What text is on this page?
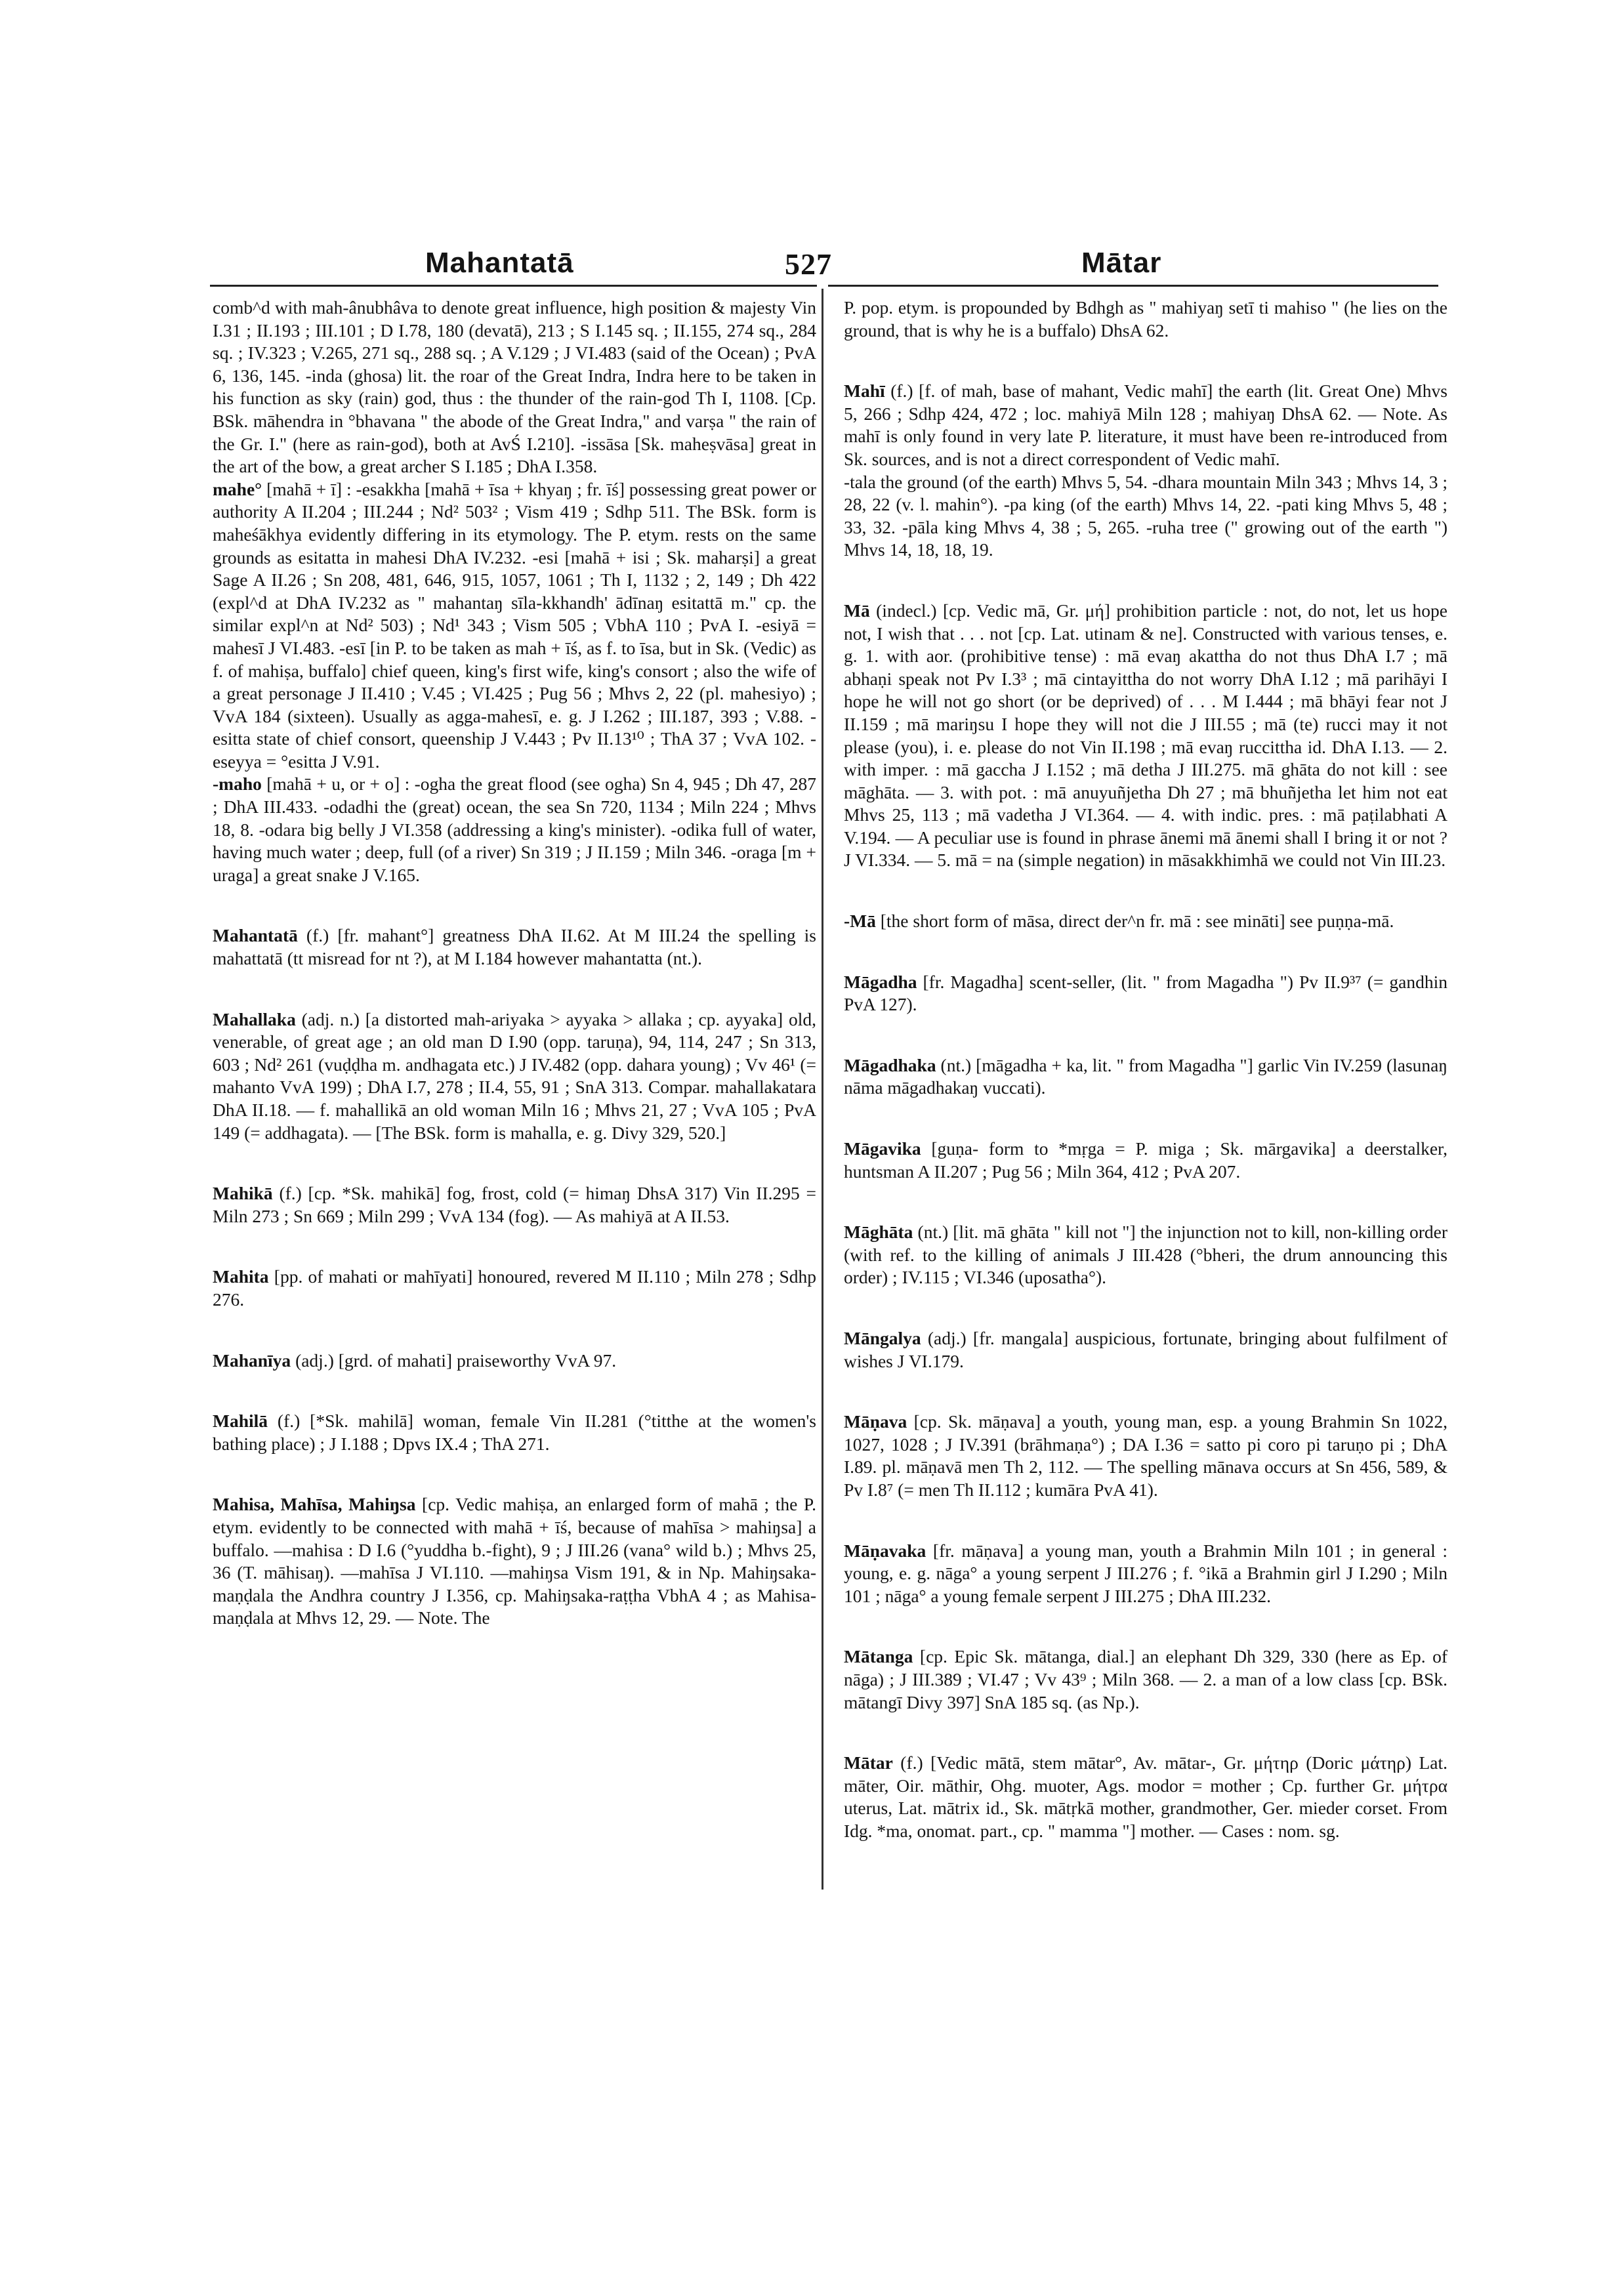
Mahantatā	527	Mātar

comb^d with mah-ânubhâva to denote great influence, high position & majesty Vin I.31 ; II.193 ; III.101 ; D I.78, 180 (devatā), 213 ; S I.145 sq. ; II.155, 274 sq., 284 sq. ; IV.323 ; V.265, 271 sq., 288 sq. ; A V.129 ; J VI.483 (said of the Ocean) ; PvA 6, 136, 145. -inda (ghosa) lit. the roar of the Great Indra, Indra here to be taken in his function as sky (rain) god, thus : the thunder of the rain-god Th I, 1108. [Cp. BSk. māhendra in °bhavana " the abode of the Great Indra," and varṣa " the rain of the Gr. I." (here as rain-god), both at AvŚ I.210]. -issāsa [Sk. maheṣvāsa] great in the art of the bow, a great archer S I.185 ; DhA I.358.

mahe° [mahā + ī] : -esakkha [mahā + īsa + khyaŋ ; fr. īś] possessing great power or authority A II.204 ; III.244 ; Nd² 503² ; Vism 419 ; Sdhp 511. The BSk. form is maheśākhya evidently differing in its etymology. The P. etym. rests on the same grounds as esitatta in mahesi DhA IV.232. -esi [mahā + isi ; Sk. maharṣi] a great Sage A II.26 ; Sn 208, 481, 646, 915, 1057, 1061 ; Th I, 1132 ; 2, 149 ; Dh 422 (expl^d at DhA IV.232 as " mahantaŋ sīla-kkhandh' ādīnaŋ esitattā m." cp. the similar expl^n at Nd² 503) ; Nd¹ 343 ; Vism 505 ; VbhA 110 ; PvA I. -esiyā = mahesī J VI.483. -esī [in P. to be taken as mah + īś, as f. to īsa, but in Sk. (Vedic) as f. of mahiṣa, buffalo] chief queen, king's first wife, king's consort ; also the wife of a great personage J II.410 ; V.45 ; VI.425 ; Pug 56 ; Mhvs 2, 22 (pl. mahesiyo) ; VvA 184 (sixteen). Usually as agga-mahesī, e. g. J I.262 ; III.187, 393 ; V.88. -esitta state of chief consort, queenship J V.443 ; Pv II.13¹⁰ ; ThA 37 ; VvA 102. -eseyya = °esitta J V.91.

-maho [mahā + u, or + o] : -ogha the great flood (see ogha) Sn 4, 945 ; Dh 47, 287 ; DhA III.433. -odadhi the (great) ocean, the sea Sn 720, 1134 ; Miln 224 ; Mhvs 18, 8. -odara big belly J VI.358 (addressing a king's minister). -odika full of water, having much water ; deep, full (of a river) Sn 319 ; J II.159 ; Miln 346. -oraga [m + uraga] a great snake J V.165.

Mahantatā (f.) [fr. mahant°] greatness DhA II.62. At M III.24 the spelling is mahattatā (tt misread for nt ?), at M I.184 however mahantatta (nt.).

Mahallaka (adj. n.) [a distorted mah-ariyaka > ayyaka > allaka ; cp. ayyaka] old, venerable, of great age ; an old man D I.90 (opp. taruṇa), 94, 114, 247 ; Sn 313, 603 ; Nd² 261 (vuḍḍha m. andhagata etc.) J IV.482 (opp. dahara young) ; Vv 46¹ (= mahanto VvA 199) ; DhA I.7, 278 ; II.4, 55, 91 ; SnA 313. Compar. mahallakatara DhA II.18. — f. mahallikā an old woman Miln 16 ; Mhvs 21, 27 ; VvA 105 ; PvA 149 (= addhagata). — [The BSk. form is mahalla, e. g. Divy 329, 520.]

Mahikā (f.) [cp. *Sk. mahikā] fog, frost, cold (= himaŋ DhsA 317) Vin II.295 = Miln 273 ; Sn 669 ; Miln 299 ; VvA 134 (fog). — As mahiyā at A II.53.

Mahita [pp. of mahati or mahīyati] honoured, revered M II.110 ; Miln 278 ; Sdhp 276.

Mahanīya (adj.) [grd. of mahati] praiseworthy VvA 97.

Mahilā (f.) [*Sk. mahilā] woman, female Vin II.281 (°titthe at the women's bathing place) ; J I.188 ; Dpvs IX.4 ; ThA 271.

Mahisa, Mahīsa, Mahiŋsa [cp. Vedic mahiṣa, an enlarged form of mahā ; the P. etym. evidently to be connected with mahā + īś, because of mahīsa > mahiŋsa] a buffalo. —mahisa : D I.6 (°yuddha b.-fight), 9 ; J III.26 (vana° wild b.) ; Mhvs 25, 36 (T. māhisaŋ). —mahīsa J VI.110. —mahiŋsa Vism 191, & in Np. Mahiŋsaka-maṇḍala the Andhra country J I.356, cp. Mahiŋsaka-raṭṭha VbhA 4 ; as Mahisa-maṇḍala at Mhvs 12, 29. — Note. The

P. pop. etym. is propounded by Bdhgh as " mahiyaŋ setī ti mahiso " (he lies on the ground, that is why he is a buffalo) DhsA 62.

Mahī (f.) [f. of mah, base of mahant, Vedic mahī] the earth (lit. Great One) Mhvs 5, 266 ; Sdhp 424, 472 ; loc. mahiyā Miln 128 ; mahiyaŋ DhsA 62. — Note. As mahī is only found in very late P. literature, it must have been re-introduced from Sk. sources, and is not a direct correspondent of Vedic mahī.

-tala the ground (of the earth) Mhvs 5, 54. -dhara mountain Miln 343 ; Mhvs 14, 3 ; 28, 22 (v. l. mahin°). -pa king (of the earth) Mhvs 14, 22. -pati king Mhvs 5, 48 ; 33, 32. -pāla king Mhvs 4, 38 ; 5, 265. -ruha tree (" growing out of the earth ") Mhvs 14, 18, 18, 19.

Mā (indecl.) [cp. Vedic mā, Gr. μή] prohibition particle : not, do not, let us hope not, I wish that . . . not [cp. Lat. utinam & ne]. Constructed with various tenses, e. g. 1. with aor. (prohibitive tense) : mā evaŋ akattha do not thus DhA I.7 ; mā abhaṇi speak not Pv I.3³ ; mā cintayittha do not worry DhA I.12 ; mā parihāyi I hope he will not go short (or be deprived) of . . . M I.444 ; mā bhāyi fear not J II.159 ; mā mariŋsu I hope they will not die J III.55 ; mā (te) rucci may it not please (you), i. e. please do not Vin II.198 ; mā evaŋ ruccittha id. DhA I.13. — 2. with imper. : mā gaccha J I.152 ; mā detha J III.275. mā ghāta do not kill : see māghāta. — 3. with pot. : mā anuyuñjetha Dh 27 ; mā bhuñjetha let him not eat Mhvs 25, 113 ; mā vadetha J VI.364. — 4. with indic. pres. : mā paṭilabhati A V.194. — A peculiar use is found in phrase ānemi mā ānemi shall I bring it or not ? J VI.334. — 5. mā = na (simple negation) in māsakkhimhā we could not Vin III.23.

-Mā [the short form of māsa, direct der^n fr. mā : see mināti] see puṇṇa-mā.

Māgadha [fr. Magadha] scent-seller, (lit. " from Magadha ") Pv II.9³⁷ (= gandhin PvA 127).

Māgadhaka (nt.) [māgadha + ka, lit. " from Magadha "] garlic Vin IV.259 (lasunaŋ nāma māgadhakaŋ vuccati).

Māgavika [guṇa- form to *mṛga = P. miga ; Sk. mārgavika] a deerstalker, huntsman A II.207 ; Pug 56 ; Miln 364, 412 ; PvA 207.

Māghāta (nt.) [lit. mā ghāta " kill not "] the injunction not to kill, non-killing order (with ref. to the killing of animals J III.428 (°bheri, the drum announcing this order) ; IV.115 ; VI.346 (uposatha°).

Māngalya (adj.) [fr. mangala] auspicious, fortunate, bringing about fulfilment of wishes J VI.179.

Māṇava [cp. Sk. māṇava] a youth, young man, esp. a young Brahmin Sn 1022, 1027, 1028 ; J IV.391 (brāhmaṇa°) ; DA I.36 = satto pi coro pi taruṇo pi ; DhA I.89. pl. māṇavā men Th 2, 112. — The spelling mānava occurs at Sn 456, 589, & Pv I.8⁷ (= men Th II.112 ; kumāra PvA 41).

Māṇavaka [fr. māṇava] a young man, youth a Brahmin Miln 101 ; in general : young, e. g. nāga° a young serpent J III.276 ; f. °ikā a Brahmin girl J I.290 ; Miln 101 ; nāga° a young female serpent J III.275 ; DhA III.232.

Mātanga [cp. Epic Sk. mātanga, dial.] an elephant Dh 329, 330 (here as Ep. of nāga) ; J III.389 ; VI.47 ; Vv 43⁹ ; Miln 368. — 2. a man of a low class [cp. BSk. mātangī Divy 397] SnA 185 sq. (as Np.).

Mātar (f.) [Vedic mātā, stem mātar°, Av. mātar-, Gr. μήτηρ (Doric μάτηρ) Lat. māter, Oir. māthir, Ohg. muoter, Ags. modor = mother ; Cp. further Gr. μήτρα uterus, Lat. mātrix id., Sk. mātṛkā mother, grandmother, Ger. mieder corset. From Idg. *ma, onomat. part., cp. " mamma "] mother. — Cases : nom. sg.
